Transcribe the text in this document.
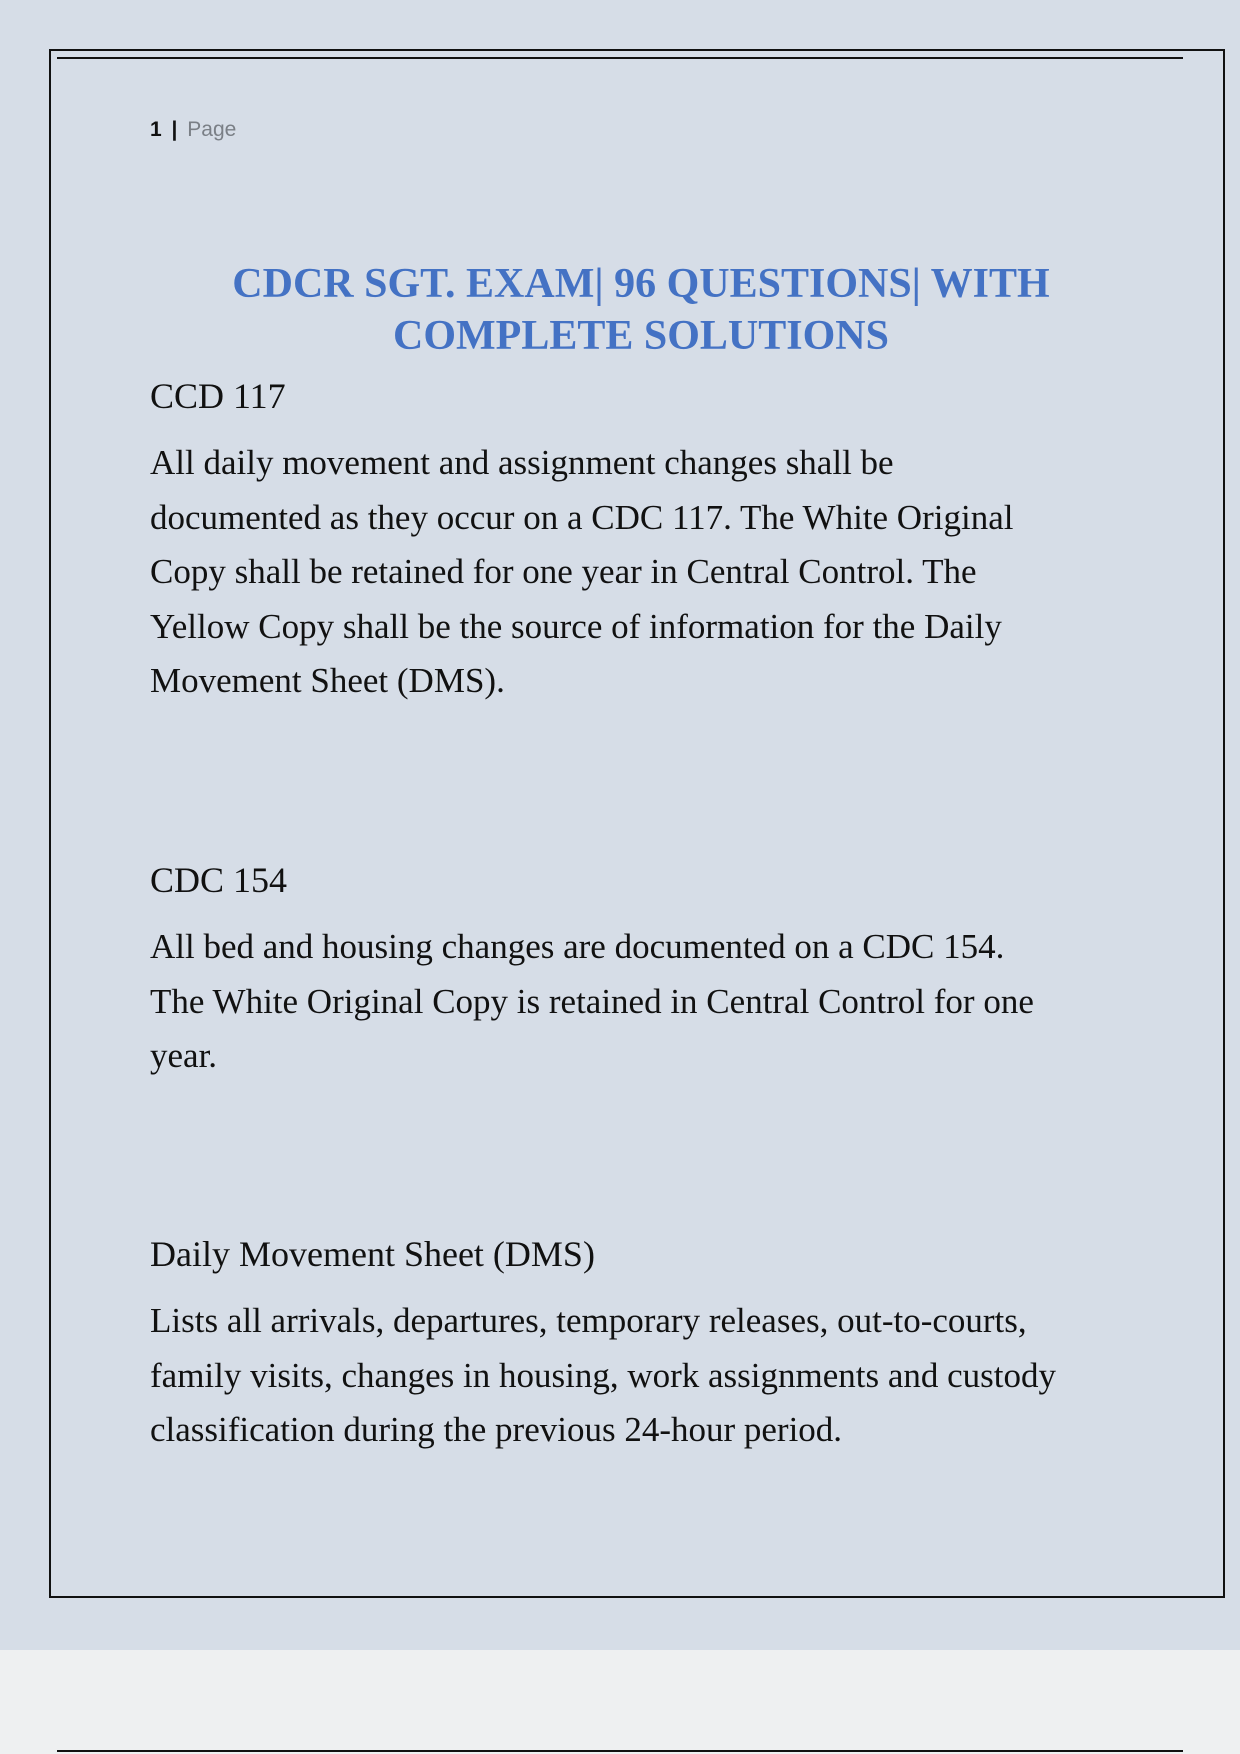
1 | Page
CDCR SGT. EXAM| 96 QUESTIONS| WITH
COMPLETE SOLUTIONS

CCD 117

All daily movement and assignment changes shall be
documented as they occur on a CDC 117. The White Original
Copy shall be retained for one year in Central Control. The
Yellow Copy shall be the source of information for the Daily
Movement Sheet (DMS).

CDC 154

All bed and housing changes are documented on a CDC 154.
The White Original Copy is retained in Central Control for one
year.

Daily Movement Sheet (DMS)

Lists all arrivals, departures, temporary releases, out-to-courts,
family visits, changes in housing, work assignments and custody
classification during the previous 24-hour period.
